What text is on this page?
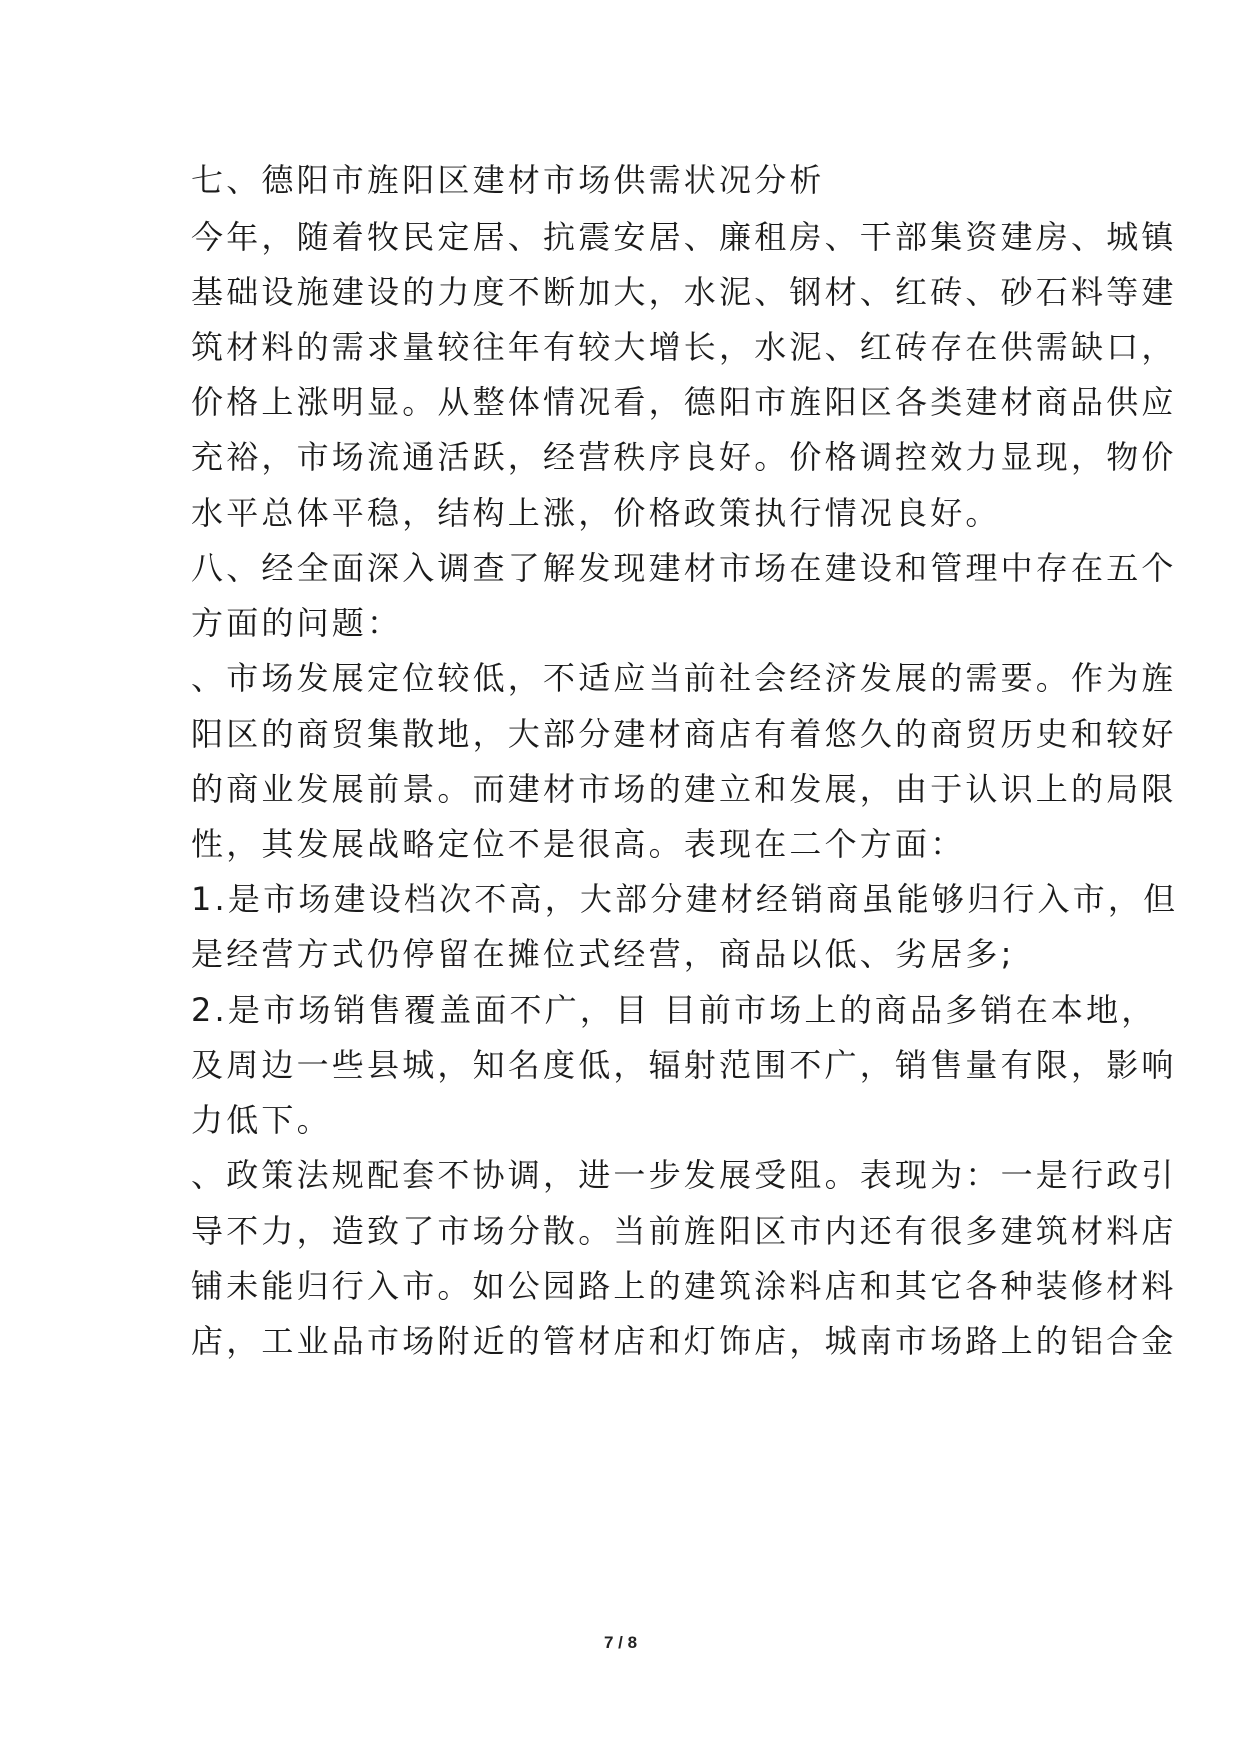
七、德阳市旌阳区建材市场供需状况分析
今年，随着牧民定居、抗震安居、廉租房、干部集资建房、城镇
基础设施建设的力度不断加大，水泥、钢材、红砖、砂石料等建
筑材料的需求量较往年有较大增长，水泥、红砖存在供需缺口，
价格上涨明显。从整体情况看，德阳市旌阳区各类建材商品供应
充裕，市场流通活跃，经营秩序良好。价格调控效力显现，物价
水平总体平稳，结构上涨，价格政策执行情况良好。
八、经全面深入调查了解发现建材市场在建设和管理中存在五个
方面的问题：
、市场发展定位较低，不适应当前社会经济发展的需要。作为旌
阳区的商贸集散地，大部分建材商店有着悠久的商贸历史和较好
的商业发展前景。而建材市场的建立和发展，由于认识上的局限
性，其发展战略定位不是很高。表现在二个方面：
1.是市场建设档次不高，大部分建材经销商虽能够归行入市，但
是经营方式仍停留在摊位式经营，商品以低、劣居多;
2.是市场销售覆盖面不广，目 目前市场上的商品多销在本地，
及周边一些县城，知名度低，辐射范围不广，销售量有限，影响
力低下。
、政策法规配套不协调，进一步发展受阻。表现为：一是行政引
导不力，造致了市场分散。当前旌阳区市内还有很多建筑材料店
铺未能归行入市。如公园路上的建筑涂料店和其它各种装修材料
店，工业品市场附近的管材店和灯饰店，城南市场路上的铝合金
7 / 8
